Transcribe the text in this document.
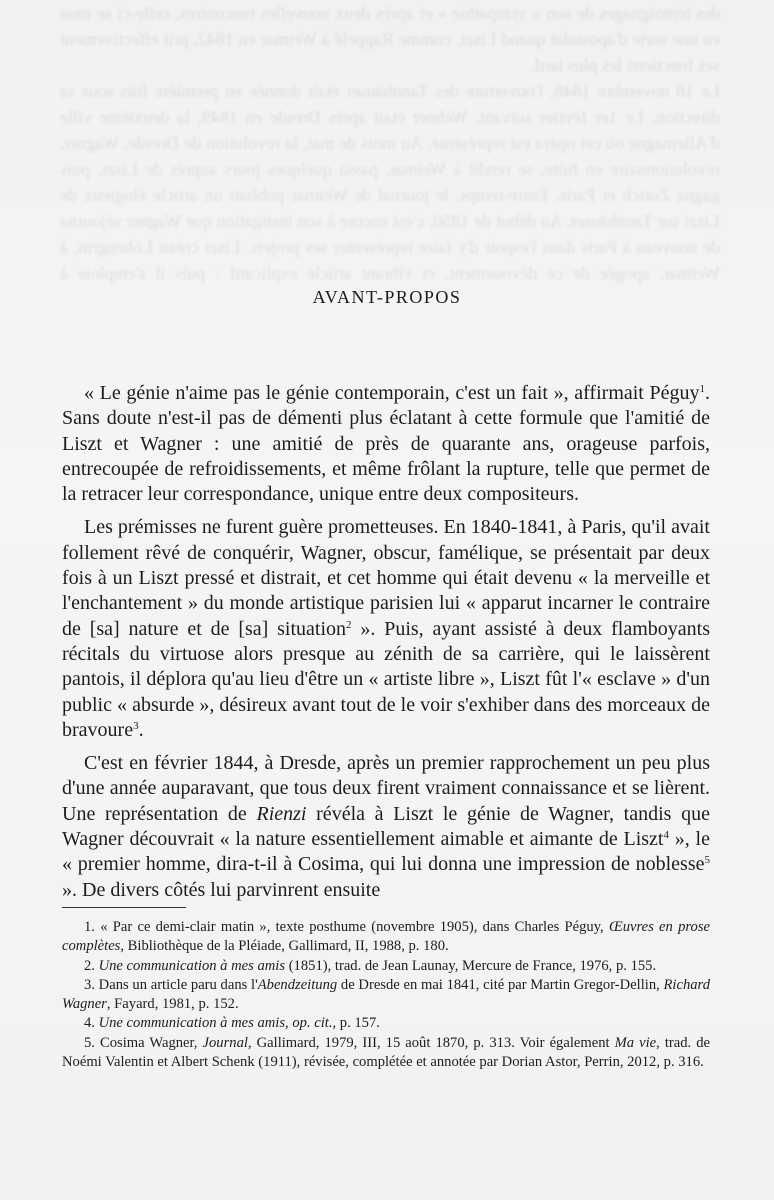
des témoignages de son « sympathie » et après deux nouvelles rencontres, celle-ci se mua en une sorte d'apostolat quand Liszt, comme Rappelé à Weimar en 1842, prit effectivement ses fonctions les plus tard.

Le 18 novembre 1848, l'ouverture des Tannhäuser était donnée en première fois sous sa direction. Le 1er février suivant, Wehner était après Dresde en 1849, la deuxième ville d'Allemagne où cet opéra est représenté. Au mois de mai, la révolution de Dresde, Wagner, révolutionnaire en fuite, se rendit à Weimar, passa quelques jours auprès de Liszt, puis gagna Zurich et Paris. Entre-temps, le journal de Weimar publiait un article élogieux de Liszt sur Tannhäuser. Au début de 1850, c'est encore à son instigation que Wagner séjourna de nouveau à Paris dans l'espoir d'y faire représenter ses projets. Liszt créait Lohengrin, à Weimar, apogée de ce dévouement, et vibrant article explicatif : puis il s'emploie à

AVANT-PROPOS

« Le génie n'aime pas le génie contemporain, c'est un fait », affirmait Péguy$^1$. Sans doute n'est-il pas de démenti plus éclatant à cette formule que l'amitié de Liszt et Wagner : une amitié de près de quarante ans, orageuse parfois, entrecoupée de refroidissements, et même frôlant la rupture, telle que permet de la retracer leur correspondance, unique entre deux compositeurs.

Les prémisses ne furent guère prometteuses. En 1840-1841, à Paris, qu'il avait follement rêvé de conquérir, Wagner, obscur, famélique, se présentait par deux fois à un Liszt pressé et distrait, et cet homme qui était devenu « la merveille et l'enchantement » du monde artistique parisien lui « apparut incarner le contraire de [sa] nature et de [sa] situation$^2$ ». Puis, ayant assisté à deux flamboyants récitals du virtuose alors presque au zénith de sa carrière, qui le laissèrent pantois, il déplora qu'au lieu d'être un « artiste libre », Liszt fût l'« esclave » d'un public « absurde », désireux avant tout de le voir s'exhiber dans des morceaux de bravoure$^3$.

C'est en février 1844, à Dresde, après un premier rapprochement un peu plus d'une année auparavant, que tous deux firent vraiment connaissance et se lièrent. Une représentation de Rienzi révéla à Liszt le génie de Wagner, tandis que Wagner découvrait « la nature essentiellement aimable et aimante de Liszt$^4$ », le « premier homme, dira-t-il à Cosima, qui lui donna une impression de noblesse$^5$ ». De divers côtés lui parvinrent ensuite

1. « Par ce demi-clair matin », texte posthume (novembre 1905), dans Charles Péguy, Œuvres en prose complètes, Bibliothèque de la Pléiade, Gallimard, II, 1988, p. 180.

2. Une communication à mes amis (1851), trad. de Jean Launay, Mercure de France, 1976, p. 155.

3. Dans un article paru dans l'Abendzeitung de Dresde en mai 1841, cité par Martin Gregor-Dellin, Richard Wagner, Fayard, 1981, p. 152.

4. Une communication à mes amis, op. cit., p. 157.

5. Cosima Wagner, Journal, Gallimard, 1979, III, 15 août 1870, p. 313. Voir également Ma vie, trad. de Noémi Valentin et Albert Schenk (1911), révisée, complétée et annotée par Dorian Astor, Perrin, 2012, p. 316.
